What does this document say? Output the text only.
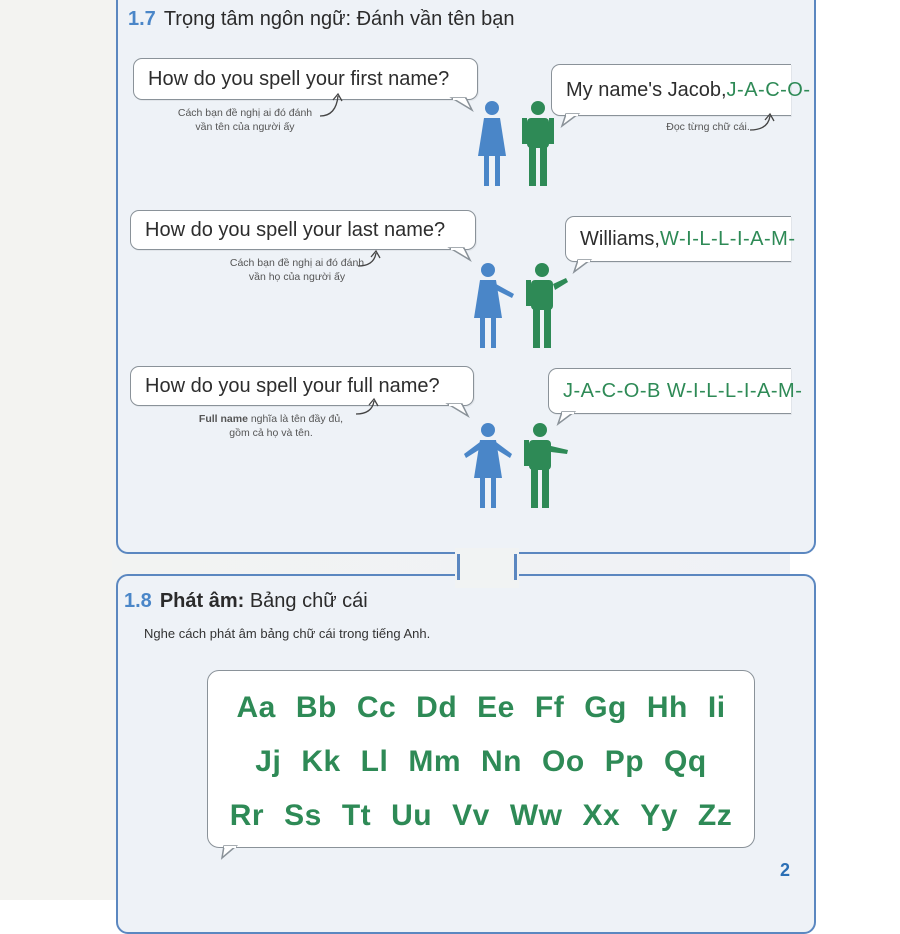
1.7 Trọng tâm ngôn ngữ: Đánh vần tên bạn
How do you spell your first name?
Cách bạn đề nghị ai đó đánh vần tên của người ấy
My name's Jacob, J-A-C-O-
Đọc từng chữ cái.
How do you spell your last name?
Cách bạn đề nghị ai đó đánh vần họ của người ấy
Williams, W-I-L-L-I-A-M-
How do you spell your full name?
Full name nghĩa là tên đầy đủ, gồm cả họ và tên.
J-A-C-O-B W-I-L-L-I-A-M-
1.8 Phát âm: Bảng chữ cái
Nghe cách phát âm bảng chữ cái trong tiếng Anh.
Aa Bb Cc Dd Ee Ff Gg Hh Ii
Jj Kk Ll Mm Nn Oo Pp Qq
Rr Ss Tt Uu Vv Ww Xx Yy Zz
2
